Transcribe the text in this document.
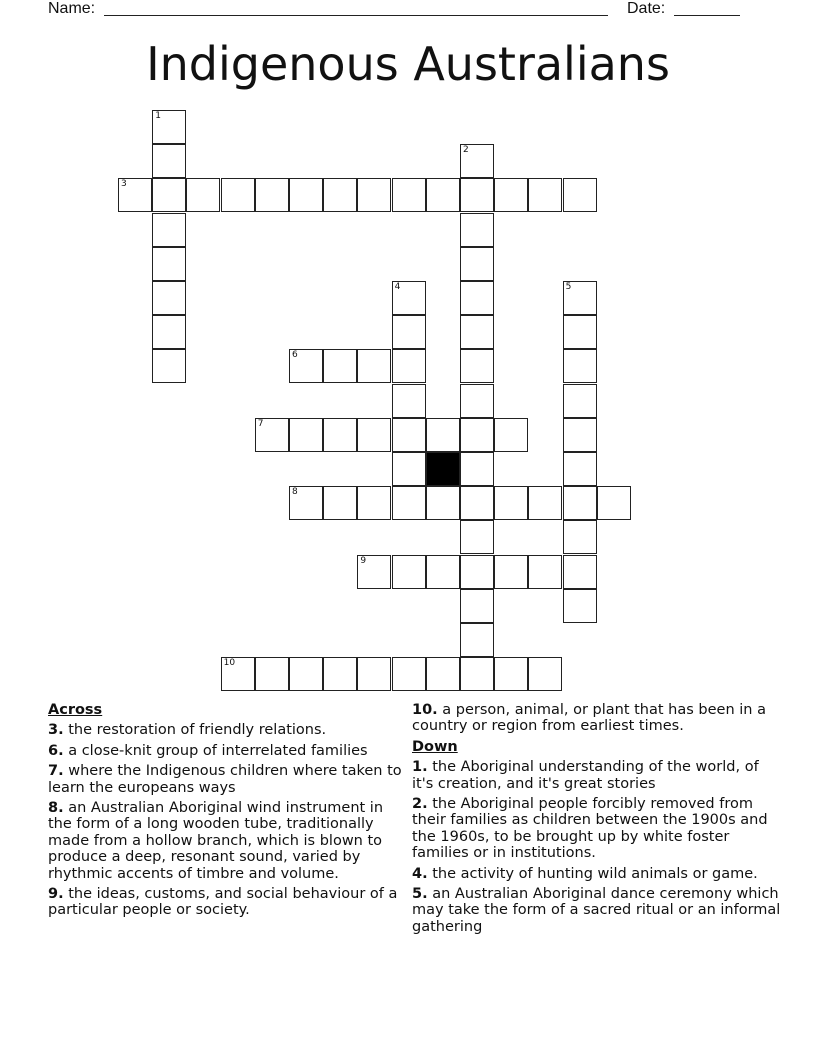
Name:	Date:
Indigenous Australians
1
2
3
4	5
6
7
8
9
10
Across
3. the restoration of friendly relations.
6. a close-knit group of interrelated families
7. where the Indigenous children where taken to learn the europeans ways
8. an Australian Aboriginal wind instrument in the form of a long wooden tube, traditionally made from a hollow branch, which is blown to produce a deep, resonant sound, varied by rhythmic accents of timbre and volume.
9. the ideas, customs, and social behaviour of a particular people or society.
10. a person, animal, or plant that has been in a country or region from earliest times.
Down
1. the Aboriginal understanding of the world, of it's creation, and it's great stories
2. the Aboriginal people forcibly removed from their families as children between the 1900s and the 1960s, to be brought up by white foster families or in institutions.
4. the activity of hunting wild animals or game.
5. an Australian Aboriginal dance ceremony which may take the form of a sacred ritual or an informal gathering
